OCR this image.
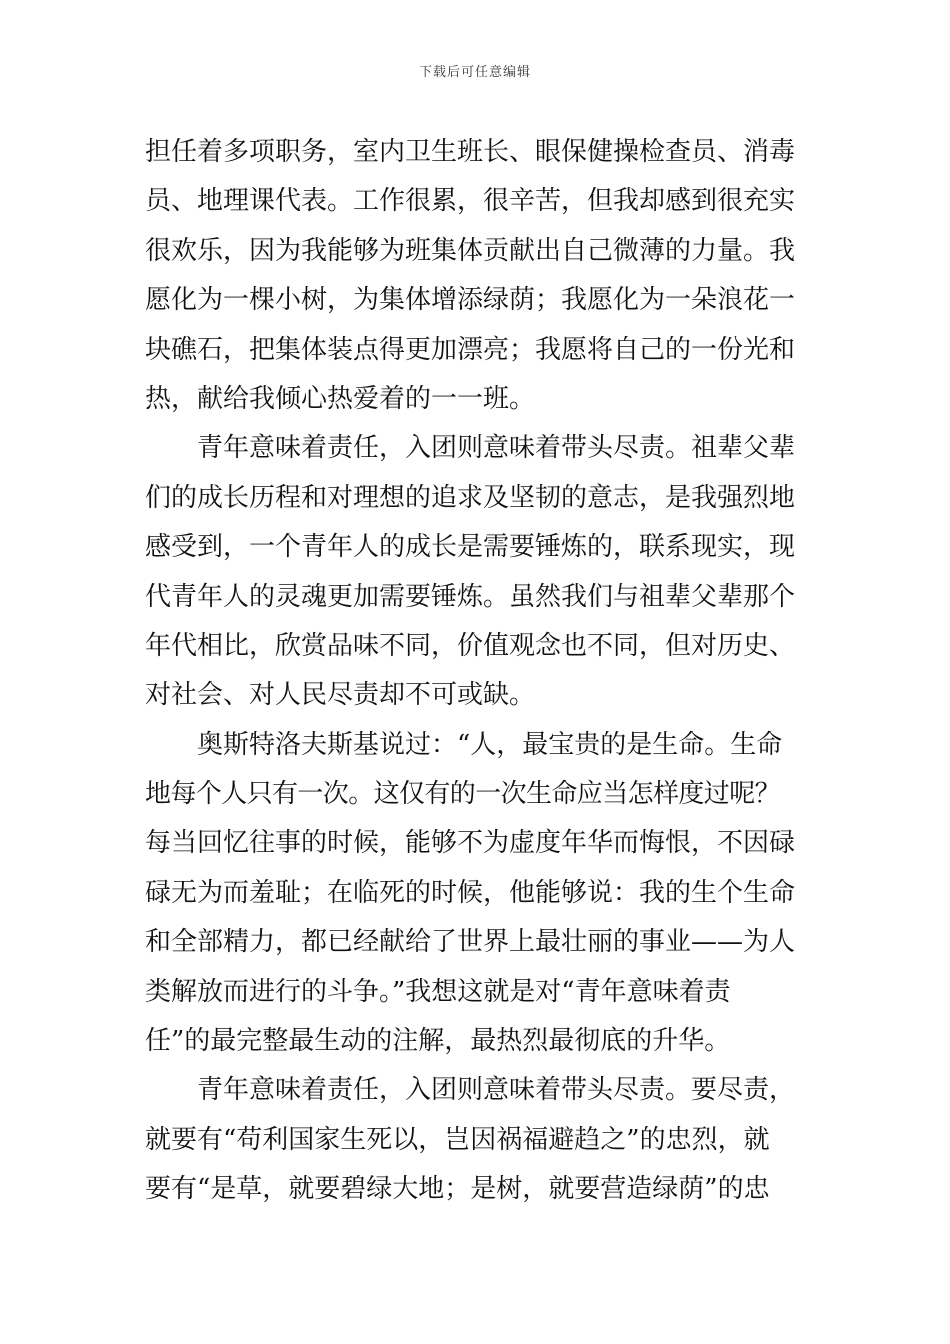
下载后可任意编辑
担任着多项职务，室内卫生班长、眼保健操检查员、消毒
员、地理课代表。工作很累，很辛苦，但我却感到很充实
很欢乐，因为我能够为班集体贡献出自己微薄的力量。我
愿化为一棵小树，为集体增添绿荫；我愿化为一朵浪花一
块礁石，把集体装点得更加漂亮；我愿将自己的一份光和
热，献给我倾心热爱着的一一班。
青年意味着责任，入团则意味着带头尽责。祖辈父辈
们的成长历程和对理想的追求及坚韧的意志，是我强烈地
感受到，一个青年人的成长是需要锤炼的，联系现实，现
代青年人的灵魂更加需要锤炼。虽然我们与祖辈父辈那个
年代相比，欣赏品味不同，价值观念也不同，但对历史、
对社会、对人民尽责却不可或缺。
奥斯特洛夫斯基说过：“人，最宝贵的是生命。生命
地每个人只有一次。这仅有的一次生命应当怎样度过呢？
每当回忆往事的时候，能够不为虚度年华而悔恨，不因碌
碌无为而羞耻；在临死的时候，他能够说：我的生个生命
和全部精力，都已经献给了世界上最壮丽的事业——为人
类解放而进行的斗争。”我想这就是对“青年意味着责
任”的最完整最生动的注解，最热烈最彻底的升华。
青年意味着责任，入团则意味着带头尽责。要尽责，
就要有“苟利国家生死以，岂因祸福避趋之”的忠烈，就
要有“是草，就要碧绿大地；是树，就要营造绿荫”的忠
